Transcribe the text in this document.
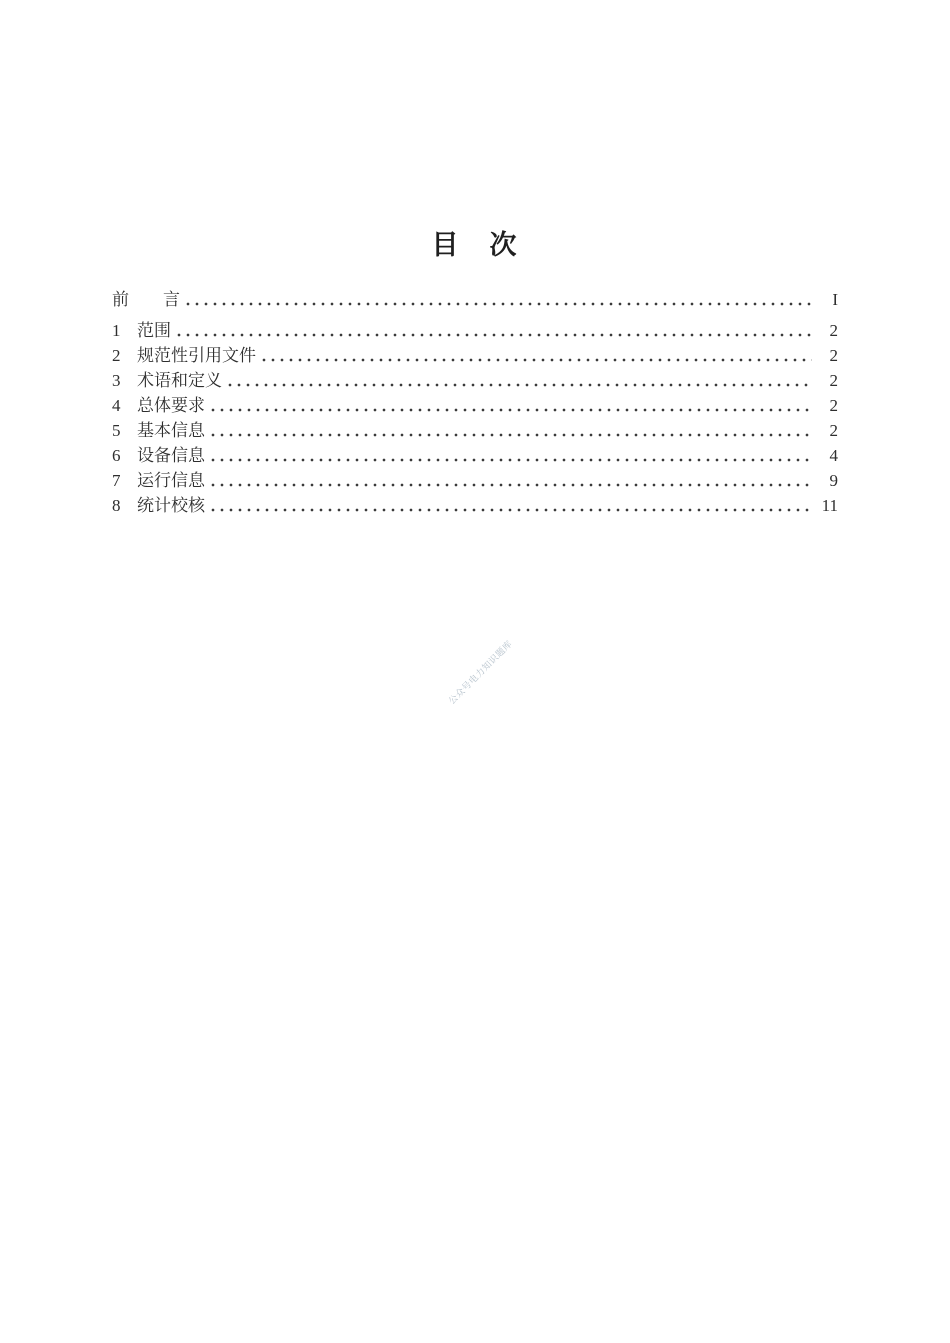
目　次
前　　言	I
1 范围	2
2 规范性引用文件	2
3 术语和定义	2
4 总体要求	2
5 基本信息	2
6 设备信息	4
7 运行信息	9
8 统计校核	11
公众号电力知识题库
